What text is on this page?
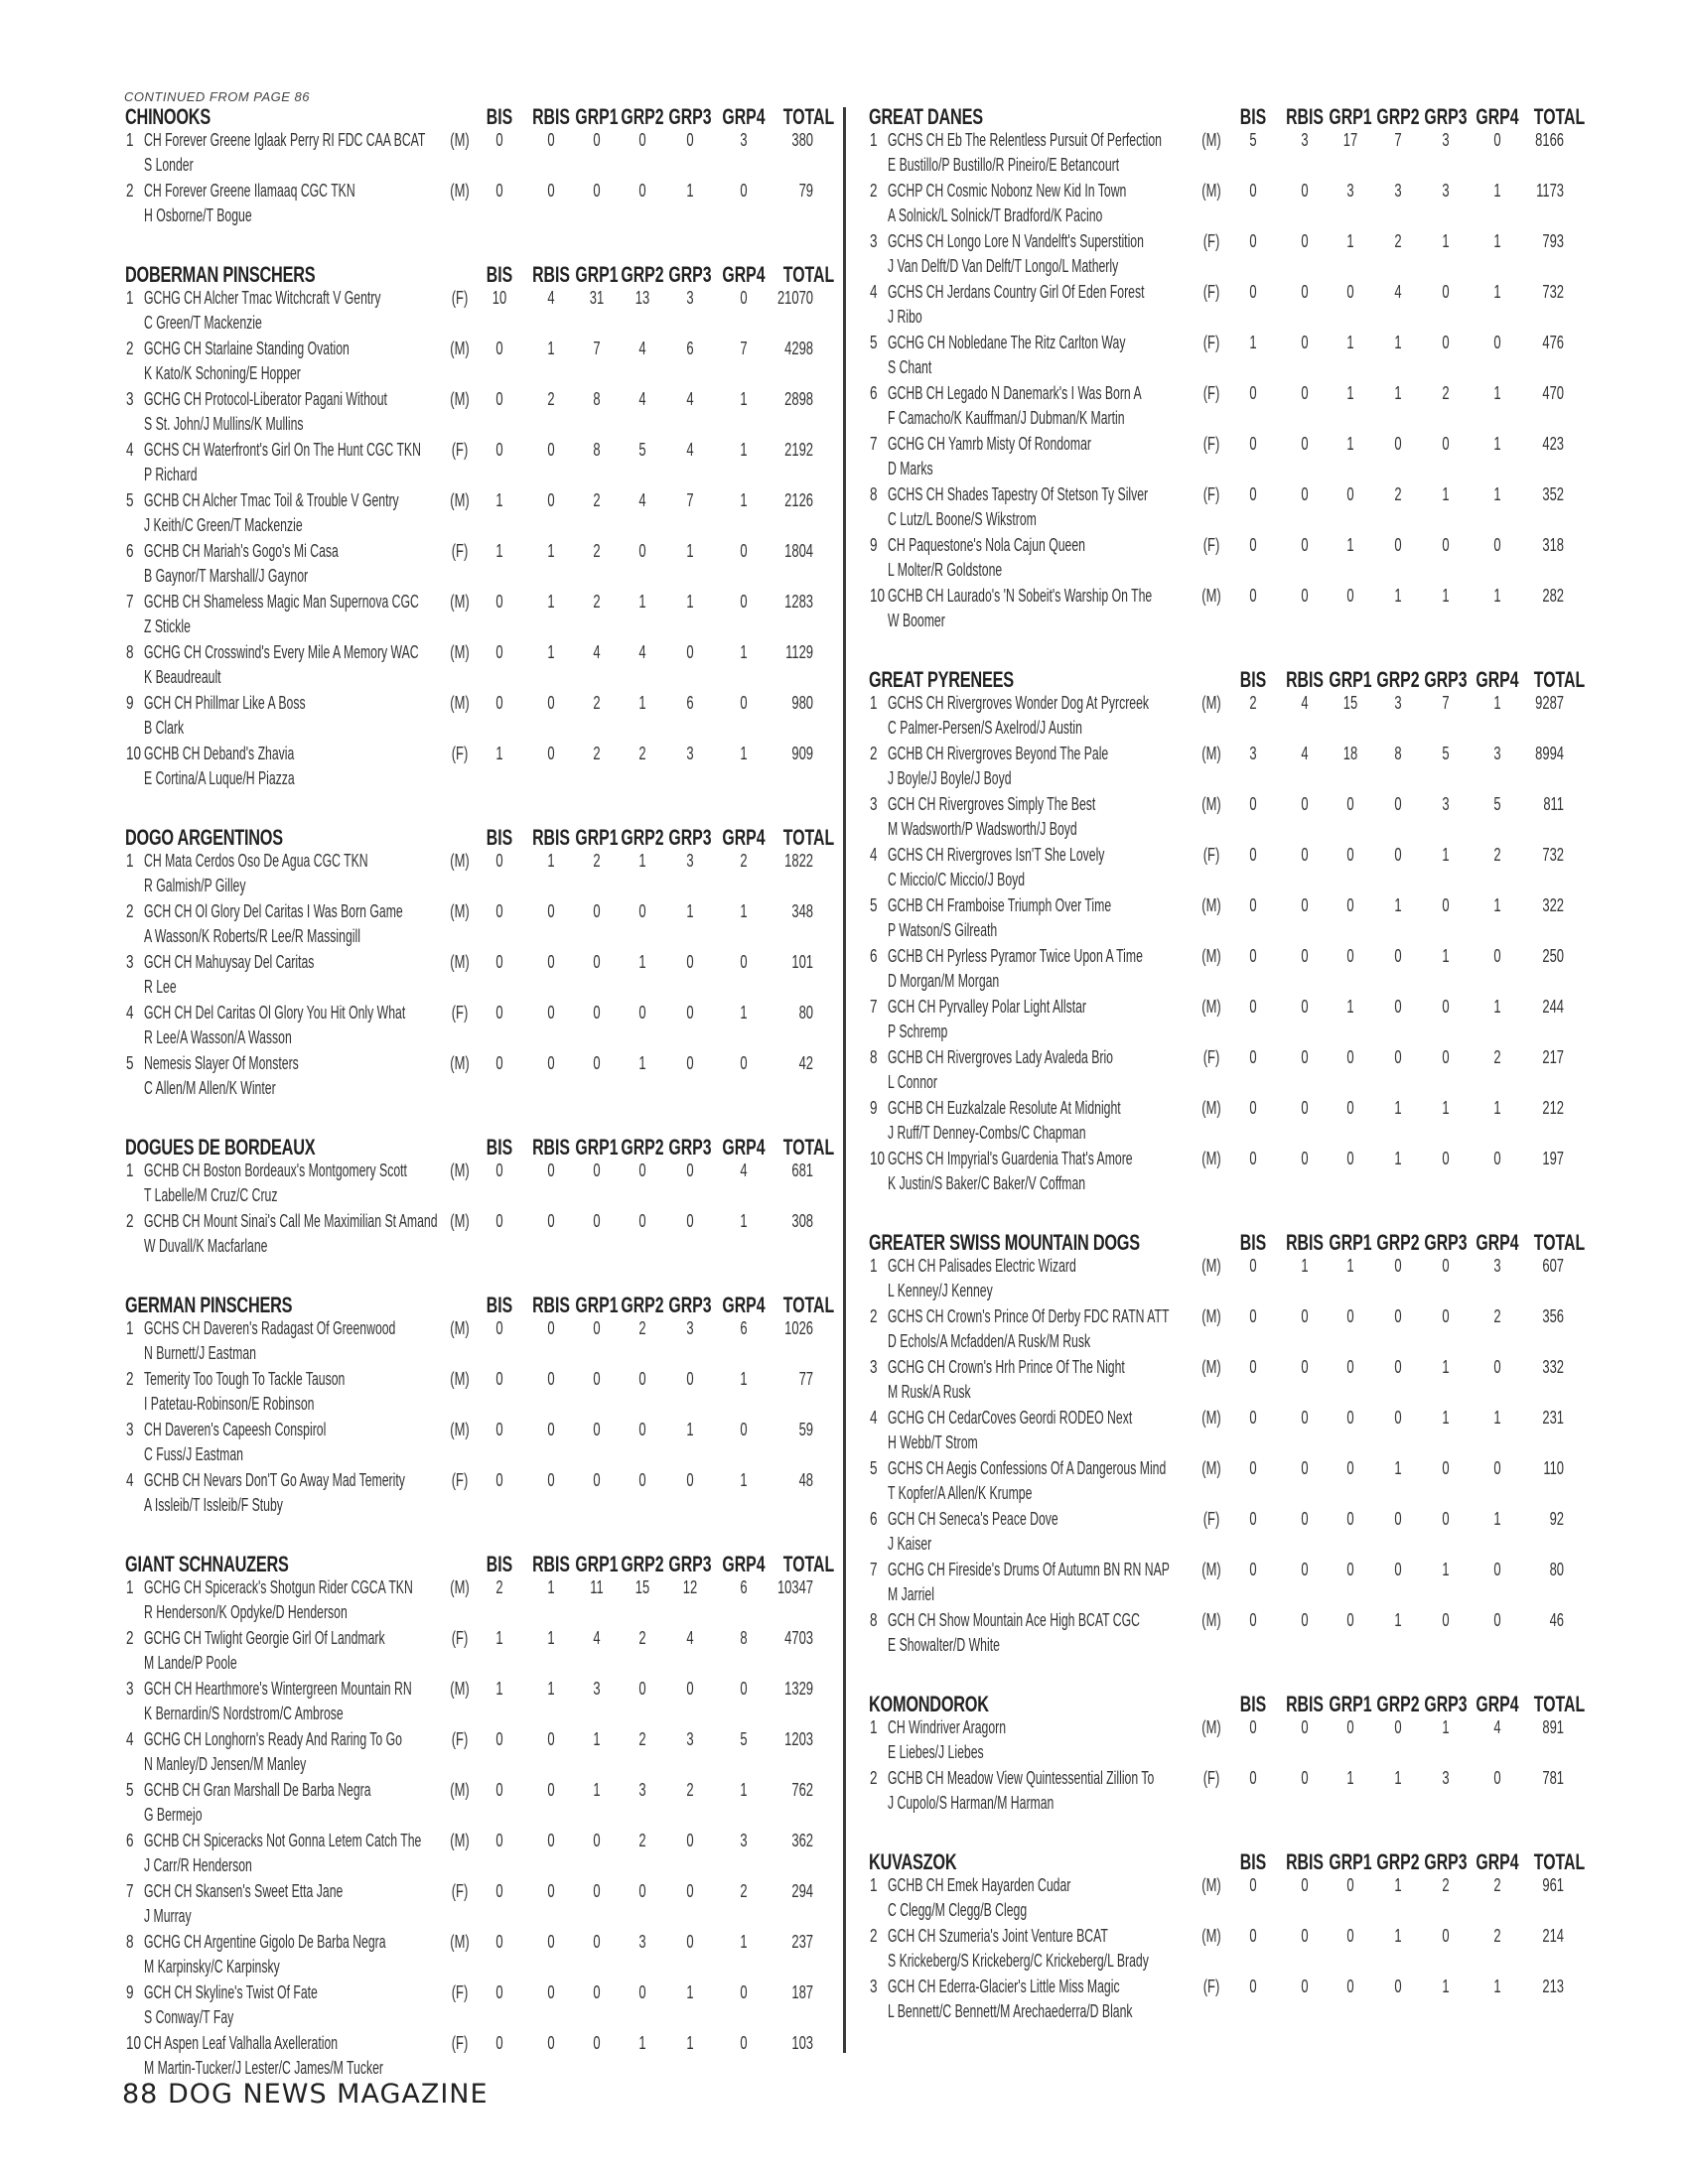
CONTINUED FROM PAGE 86
CHINOOKS	BIS RBIS GRP1 GRP2 GRP3 GRP4 TOTAL
1 CH Forever Greene Iglaak Perry RI FDC CAA BCAT
S Londer
(M)	0	0	0	0	0	3	380
2 CH Forever Greene Ilamaaq CGC TKN
H Osborne/T Bogue
(M)	0	0	0	0	1	0	79
DOBERMAN PINSCHERS	BIS RBIS GRP1 GRP2 GRP3 GRP4 TOTAL
1 GCHG CH Alcher Tmac Witchcraft V Gentry
C Green/T Mackenzie
(F)	10	4	31	13	3	0	21070
2 GCHG CH Starlaine Standing Ovation
K Kato/K Schoning/E Hopper
(M)	0	1	7	4	6	7	4298
3 GCHG CH Protocol-Liberator Pagani Without
S St. John/J Mullins/K Mullins
(M)	0	2	8	4	4	1	2898
4 GCHS CH Waterfront's Girl On The Hunt CGC TKN
P Richard
(F)	0	0	8	5	4	1	2192
5 GCHB CH Alcher Tmac Toil & Trouble V Gentry
J Keith/C Green/T Mackenzie
(M)	1	0	2	4	7	1	2126
6 GCHB CH Mariah's Gogo's Mi Casa
B Gaynor/T Marshall/J Gaynor
(F)	1	1	2	0	1	0	1804
7 GCHB CH Shameless Magic Man Supernova CGC
Z Stickle
(M)	0	1	2	1	1	0	1283
8 GCHG CH Crosswind's Every Mile A Memory WAC
K Beaudreault
(M)	0	1	4	4	0	1	1129
9 GCH CH Phillmar Like A Boss
B Clark
(M)	0	0	2	1	6	0	980
10 GCHB CH Deband's Zhavia
E Cortina/A Luque/H Piazza
(F)	1	0	2	2	3	1	909
DOGO ARGENTINOS	BIS RBIS GRP1 GRP2 GRP3 GRP4 TOTAL
1 CH Mata Cerdos Oso De Agua CGC TKN
R Galmish/P Gilley
(M)	0	1	2	1	3	2	1822
2 GCH CH Ol Glory Del Caritas I Was Born Game
A Wasson/K Roberts/R Lee/R Massingill
(M)	0	0	0	0	1	1	348
3 GCH CH Mahuysay Del Caritas
R Lee
(M)	0	0	0	1	0	0	101
4 GCH CH Del Caritas Ol Glory You Hit Only What
R Lee/A Wasson/A Wasson
(F)	0	0	0	0	0	1	80
5 Nemesis Slayer Of Monsters
C Allen/M Allen/K Winter
(M)	0	0	0	1	0	0	42
DOGUES DE BORDEAUX	BIS RBIS GRP1 GRP2 GRP3 GRP4 TOTAL
1 GCHB CH Boston Bordeaux's Montgomery Scott
T Labelle/M Cruz/C Cruz
(M)	0	0	0	0	0	4	681
2 GCHB CH Mount Sinai's Call Me Maximilian St Amand
W Duvall/K Macfarlane
(M)	0	0	0	0	0	1	308
GERMAN PINSCHERS	BIS RBIS GRP1 GRP2 GRP3 GRP4 TOTAL
1 GCHS CH Daveren's Radagast Of Greenwood
N Burnett/J Eastman
(M)	0	0	0	2	3	6	1026
2 Temerity Too Tough To Tackle Tauson
I Patetau-Robinson/E Robinson
(M)	0	0	0	0	0	1	77
3 CH Daveren's Capeesh Conspirol
C Fuss/J Eastman
(M)	0	0	0	0	1	0	59
4 GCHB CH Nevars Don'T Go Away Mad Temerity
A Issleib/T Issleib/F Stuby
(F)	0	0	0	0	0	1	48
GIANT SCHNAUZERS	BIS RBIS GRP1 GRP2 GRP3 GRP4 TOTAL
1 GCHG CH Spicerack's Shotgun Rider CGCA TKN
R Henderson/K Opdyke/D Henderson
(M)	2	1	11	15	12	6	10347
2 GCHG CH Twlight Georgie Girl Of Landmark
M Lande/P Poole
(F)	1	1	4	2	4	8	4703
3 GCH CH Hearthmore's Wintergreen Mountain RN
K Bernardin/S Nordstrom/C Ambrose
(M)	1	1	3	0	0	0	1329
4 GCHG CH Longhorn's Ready And Raring To Go
N Manley/D Jensen/M Manley
(F)	0	0	1	2	3	5	1203
5 GCHB CH Gran Marshall De Barba Negra
G Bermejo
(M)	0	0	1	3	2	1	762
6 GCHB CH Spiceracks Not Gonna Letem Catch The
J Carr/R Henderson
(M)	0	0	0	2	0	3	362
7 GCH CH Skansen's Sweet Etta Jane
J Murray
(F)	0	0	0	0	0	2	294
8 GCHG CH Argentine Gigolo De Barba Negra
M Karpinsky/C Karpinsky
(M)	0	0	0	3	0	1	237
9 GCH CH Skyline's Twist Of Fate
S Conway/T Fay
(F)	0	0	0	0	1	0	187
10 CH Aspen Leaf Valhalla Axelleration
M Martin-Tucker/J Lester/C James/M Tucker
(F)	0	0	0	1	1	0	103
GREAT DANES	BIS RBIS GRP1 GRP2 GRP3 GRP4 TOTAL
1 GCHS CH Eb The Relentless Pursuit Of Perfection
E Bustillo/P Bustillo/R Pineiro/E Betancourt
(M)	5	3	17	7	3	0	8166
2 GCHP CH Cosmic Nobonz New Kid In Town
A Solnick/L Solnick/T Bradford/K Pacino
(M)	0	0	3	3	3	1	1173
3 GCHS CH Longo Lore N Vandelft's Superstition
J Van Delft/D Van Delft/T Longo/L Matherly
(F)	0	0	1	2	1	1	793
4 GCHS CH Jerdans Country Girl Of Eden Forest
J Ribo
(F)	0	0	0	4	0	1	732
5 GCHG CH Nobledane The Ritz Carlton Way
S Chant
(F)	1	0	1	1	0	0	476
6 GCHB CH Legado N Danemark's I Was Born A
F Camacho/K Kauffman/J Dubman/K Martin
(F)	0	0	1	1	2	1	470
7 GCHG CH Yamrb Misty Of Rondomar
D Marks
(F)	0	0	1	0	0	1	423
8 GCHS CH Shades Tapestry Of Stetson Ty Silver
C Lutz/L Boone/S Wikstrom
(F)	0	0	0	2	1	1	352
9 CH Paquestone's Nola Cajun Queen
L Molter/R Goldstone
(F)	0	0	1	0	0	0	318
10 GCHB CH Laurado's 'N Sobeit's Warship On The
W Boomer
(M)	0	0	0	1	1	1	282
GREAT PYRENEES	BIS RBIS GRP1 GRP2 GRP3 GRP4 TOTAL
1 GCHS CH Rivergroves Wonder Dog At Pyrcreek
C Palmer-Persen/S Axelrod/J Austin
(M)	2	4	15	3	7	1	9287
2 GCHB CH Rivergroves Beyond The Pale
J Boyle/J Boyle/J Boyd
(M)	3	4	18	8	5	3	8994
3 GCH CH Rivergroves Simply The Best
M Wadsworth/P Wadsworth/J Boyd
(M)	0	0	0	0	3	5	811
4 GCHS CH Rivergroves Isn'T She Lovely
C Miccio/C Miccio/J Boyd
(F)	0	0	0	0	1	2	732
5 GCHB CH Framboise Triumph Over Time
P Watson/S Gilreath
(M)	0	0	0	1	0	1	322
6 GCHB CH Pyrless Pyramor Twice Upon A Time
D Morgan/M Morgan
(M)	0	0	0	0	1	0	250
7 GCH CH Pyrvalley Polar Light Allstar
P Schremp
(M)	0	0	1	0	0	1	244
8 GCHB CH Rivergroves Lady Avaleda Brio
L Connor
(F)	0	0	0	0	0	2	217
9 GCHB CH Euzkalzale Resolute At Midnight
J Ruff/T Denney-Combs/C Chapman
(M)	0	0	0	1	1	1	212
10 GCHS CH Impyrial's Guardenia That's Amore
K Justin/S Baker/C Baker/V Coffman
(M)	0	0	0	1	0	0	197
GREATER SWISS MOUNTAIN DOGS	BIS RBIS GRP1 GRP2 GRP3 GRP4 TOTAL
1 GCH CH Palisades Electric Wizard
L Kenney/J Kenney
(M)	0	1	1	0	0	3	607
2 GCHS CH Crown's Prince Of Derby FDC RATN ATT
D Echols/A Mcfadden/A Rusk/M Rusk
(M)	0	0	0	0	0	2	356
3 GCHG CH Crown's Hrh Prince Of The Night
M Rusk/A Rusk
(M)	0	0	0	0	1	0	332
4 GCHG CH CedarCoves Geordi RODEO Next
H Webb/T Strom
(M)	0	0	0	0	1	1	231
5 GCHS CH Aegis Confessions Of A Dangerous Mind
T Kopfer/A Allen/K Krumpe
(M)	0	0	0	1	0	0	110
6 GCH CH Seneca's Peace Dove
J Kaiser
(F)	0	0	0	0	0	1	92
7 GCHG CH Fireside's Drums Of Autumn BN RN NAP
M Jarriel
(M)	0	0	0	0	1	0	80
8 GCH CH Show Mountain Ace High BCAT CGC
E Showalter/D White
(M)	0	0	0	1	0	0	46
KOMONDOROK	BIS RBIS GRP1 GRP2 GRP3 GRP4 TOTAL
1 CH Windriver Aragorn
E Liebes/J Liebes
(M)	0	0	0	0	1	4	891
2 GCHB CH Meadow View Quintessential Zillion To
J Cupolo/S Harman/M Harman
(F)	0	0	1	1	3	0	781
KUVASZOK	BIS RBIS GRP1 GRP2 GRP3 GRP4 TOTAL
1 GCHB CH Emek Hayarden Cudar
C Clegg/M Clegg/B Clegg
(M)	0	0	0	1	2	2	961
2 GCH CH Szumeria's Joint Venture BCAT
S Krickeberg/S Krickeberg/C Krickeberg/L Brady
(M)	0	0	0	1	0	2	214
3 GCH CH Ederra-Glacier's Little Miss Magic
L Bennett/C Bennett/M Arechaederra/D Blank
(F)	0	0	0	0	1	1	213
88 DOG NEWS MAGAZINE
